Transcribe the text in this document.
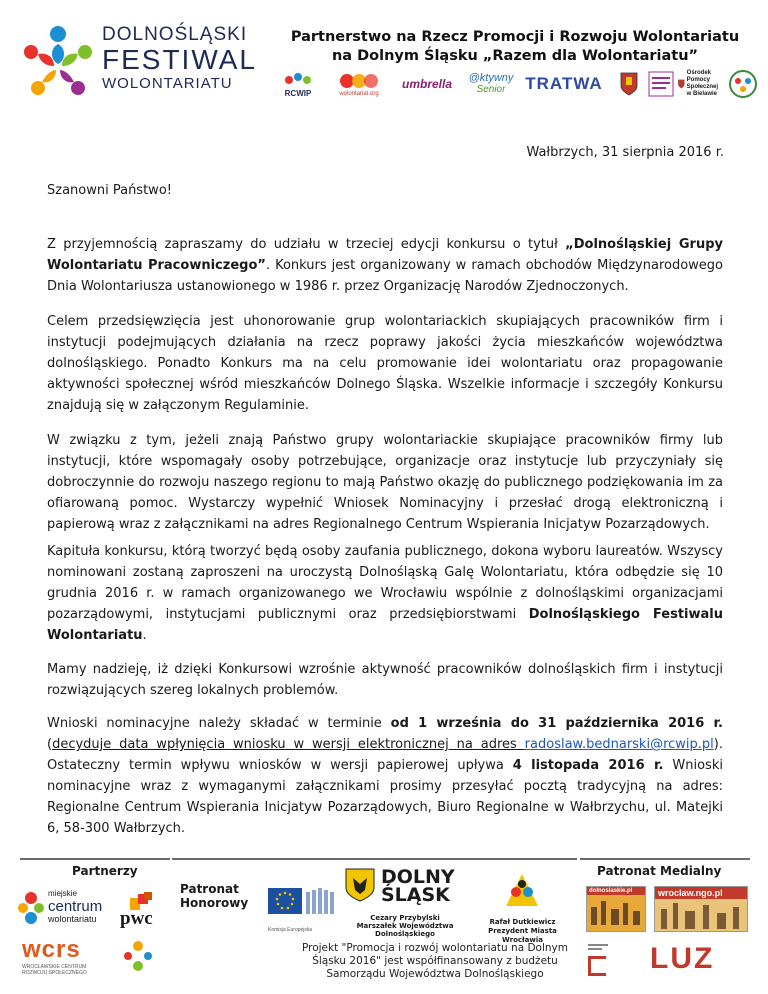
DOLNOŚLĄSKI
FESTIWAL
WOLONTARIATU
Partnerstwo na Rzecz Promocji i Rozwoju Wolontariatu
na Dolnym Śląsku „Razem dla Wolontariatu”
RCWIP	wolontariat.org
umbrella @ktywny
Senior TRATWA
Ośrodek
Pomocy
Społecznej
w Bielawie
Wałbrzych, 31 sierpnia 2016 r.
Szanowni Państwo!

Z przyjemnością zapraszamy do udziału w trzeciej edycji konkursu o tytuł „Dolnośląskiej Grupy Wolontariatu Pracowniczego”. Konkurs jest organizowany w ramach obchodów Międzynarodowego Dnia Wolontariusza ustanowionego w 1986 r. przez Organizację Narodów Zjednoczonych.

Celem przedsięwzięcia jest uhonorowanie grup wolontariackich skupiających pracowników firm i instytucji podejmujących działania na rzecz poprawy jakości życia mieszkańców województwa dolnośląskiego. Ponadto Konkurs ma na celu promowanie idei wolontariatu oraz propagowanie aktywności społecznej wśród mieszkańców Dolnego Śląska. Wszelkie informacje i szczegóły Konkursu znajdują się w załączonym Regulaminie.

W związku z tym, jeżeli znają Państwo grupy wolontariackie skupiające pracowników firmy lub instytucji, które wspomagały osoby potrzebujące, organizacje oraz instytucje lub przyczyniały się dobroczynnie do rozwoju naszego regionu to mają Państwo okazję do publicznego podziękowania im za ofiarowaną pomoc. Wystarczy wypełnić Wniosek Nominacyjny i przesłać drogą elektroniczną i papierową wraz z załącznikami na adres Regionalnego Centrum Wspierania Inicjatyw Pozarządowych.

Kapituła konkursu, którą tworzyć będą osoby zaufania publicznego, dokona wyboru laureatów. Wszyscy nominowani zostaną zaproszeni na uroczystą Dolnośląską Galę Wolontariatu, która odbędzie się 10 grudnia 2016 r. w ramach organizowanego we Wrocławiu wspólnie z dolnośląskimi organizacjami pozarządowymi, instytucjami publicznymi oraz przedsiębiorstwami Dolnośląskiego Festiwalu Wolontariatu.

Mamy nadzieję, iż dzięki Konkursowi wzrośnie aktywność pracowników dolnośląskich firm i instytucji rozwiązujących szereg lokalnych problemów.

Wnioski nominacyjne należy składać w terminie od 1 września do 31 października 2016 r. (decyduje data wpłynięcia wniosku w wersji elektronicznej na adres radoslaw.bednarski@rcwip.pl). Ostateczny termin wpływu wniosków w wersji papierowej upływa 4 listopada 2016 r. Wnioski nominacyjne wraz z wymaganymi załącznikami prosimy przesyłać pocztą tradycyjną na adres: Regionalne Centrum Wspierania Inicjatyw Pozarządowych, Biuro Regionalne w Wałbrzychu, ul. Matejki 6, 58-300 Wałbrzych.

Partnerzy	Patronat Medialny
miejskie
centrum
wolontariatu pwc
wcrs
WROCŁAWSKIE CENTRUM ROZWOJU SPOŁECZNEGO
Patronat
Honorowy
Komisja Europejska
DOLNY
ŚLĄSK
Cezary Przybylski
Marszałek Województwa
Dolnośląskiego
Rafał Dutkiewicz
Prezydent Miasta Wrocławia
Projekt "Promocja i rozwój wolontariatu na Dolnym
Śląsku 2016" jest współfinansowany z budżetu
Samorządu Województwa Dolnośląskiego
dolnoslaskie.pl	wroclaw.ngo.pl
LUZ
